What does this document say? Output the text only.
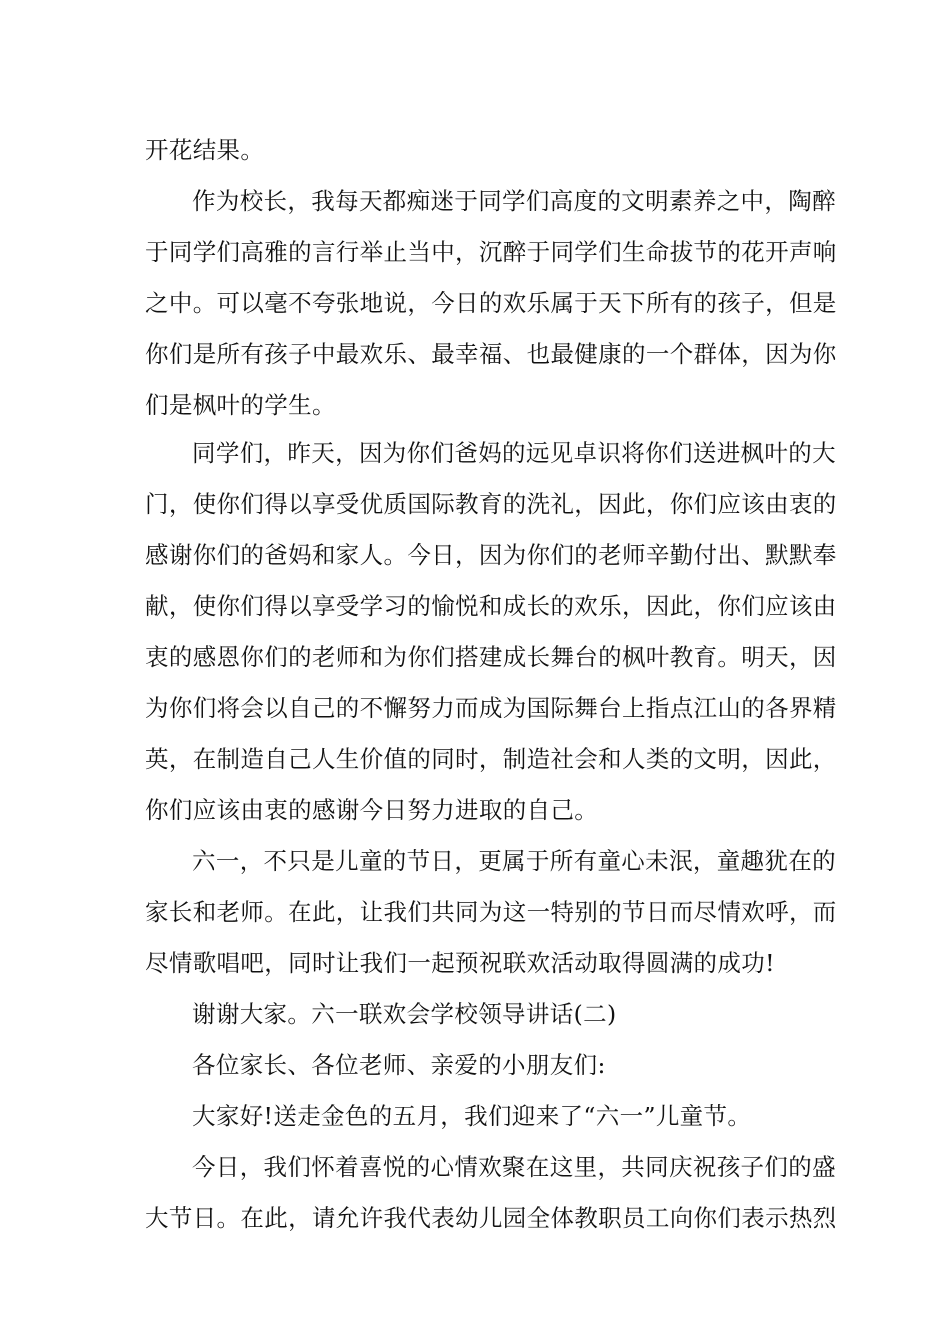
开花结果。
作为校长，我每天都痴迷于同学们高度的文明素养之中，陶醉
于同学们高雅的言行举止当中，沉醉于同学们生命拔节的花开声响
之中。可以毫不夸张地说，今日的欢乐属于天下所有的孩子，但是
你们是所有孩子中最欢乐、最幸福、也最健康的一个群体，因为你
们是枫叶的学生。
同学们，昨天，因为你们爸妈的远见卓识将你们送进枫叶的大
门，使你们得以享受优质国际教育的洗礼，因此，你们应该由衷的
感谢你们的爸妈和家人。今日，因为你们的老师辛勤付出、默默奉
献，使你们得以享受学习的愉悦和成长的欢乐，因此，你们应该由
衷的感恩你们的老师和为你们搭建成长舞台的枫叶教育。明天，因
为你们将会以自己的不懈努力而成为国际舞台上指点江山的各界精
英，在制造自己人生价值的同时，制造社会和人类的文明，因此，
你们应该由衷的感谢今日努力进取的自己。
六一，不只是儿童的节日，更属于所有童心未泯，童趣犹在的
家长和老师。在此，让我们共同为这一特别的节日而尽情欢呼，而
尽情歌唱吧，同时让我们一起预祝联欢活动取得圆满的成功!
谢谢大家。六一联欢会学校领导讲话(二)
各位家长、各位老师、亲爱的小朋友们:
大家好!送走金色的五月，我们迎来了“六一”儿童节。
今日，我们怀着喜悦的心情欢聚在这里，共同庆祝孩子们的盛
大节日。在此，请允许我代表幼儿园全体教职员工向你们表示热烈
